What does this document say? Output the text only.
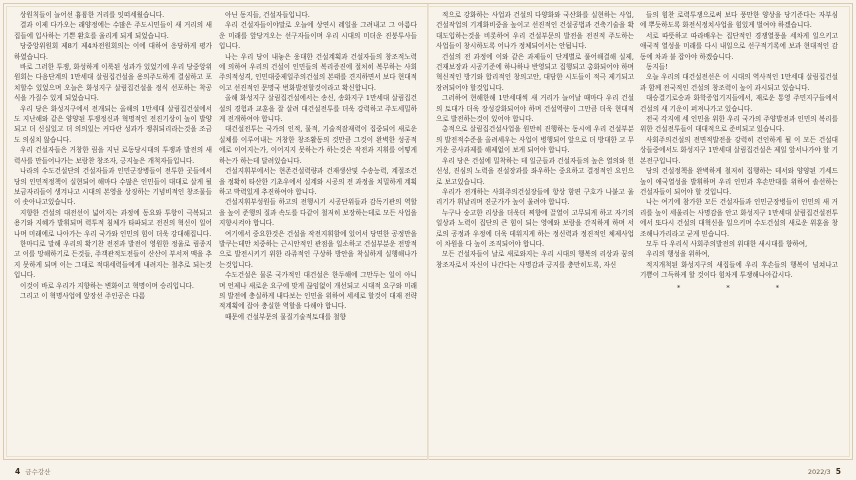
상원칙들이 늘어선 흉륭한 거리를 잇떠세웠습니다.

결과 이제 다가오는 래양정에는 수많은 주도시민들이 새 거리의 새집들에 입사하는 기쁜 환호를 울리게 되게 되었습니다.

당중앙위원회 제8기 제4차전원회의는 이에 대하여 응당하게 평가하였습니다.

바로 그러한 투쟁, 화성하게 이룩된 성과가 있었기에 우리 당중앙위원회는 다음단계의 1만세대 살림집건설을 용의주도하게 결심하고 포치할수 있었으며 오늘은 화성지구 살림집건설을 정식 선포하는 착공식을 가질수 있게 되었습니다.

우리 당은 화성지구에서 전개되는 올해의 1만세대 살림집건설에서도 지난해와 같은 양양된 투쟁정신과 혁명적인 전진기상이 높이 발양되고 더 신실있고 더 의의있는 커다란 성과가 쟁취되리라는것을 조금도 의심치 않습니다.

우리 건설자들은 거창한 림을 지닌 로동당시대의 투쟁과 발전의 새 력사를 만들어나가는 보람찬 창조자, 긍지높은 개척자들입니다.

나라의 수도건설단의 건설자들과 인민군장병들이 전투한 곳들에서 당의 인민적정책이 실현되어 해마다 수많은 인민들이 대대로 살게 될 보금자리들이 생겨나고 시대의 본영을 상징하는 기념비적인 창조물들이 솟아나고있습니다.

지향한 건설의 대전선이 넓어지는 과정에 동요와 투항이 극복되고 용기와 지혜가 발휘되며 력투적 침체가 타파되고 전진의 혁신이 일어나며 미래에로 나아가는 우리 국가와 인민의 힘이 더욱 강대해집니다.

한마디로 말해 우리의 확기찬 전진과 발전이 영원한 정울로 림종지고 이를 망해하기로 든것들, 주객관적도전들이 산산이 부서져 맥을 추지 못하게 되며 이는 그대로 적대세력들에게 내려지는 철추로 되는것입니다.

이것이 바로 우리가 지향하는 변화이고 혁명이며 승리입니다.

그리고 이 혁명사업에 앞장선 주인공은 다름

아닌 동지들, 건설자들입니다.

우리 건설자들이야말로 오늘에 상연시 레일을 그려내고 그 아름다운 미래를 앞당겨오는 선구자들이며 우리 시대의 미더운 진붕투사들입니다.

나는 우리 당이 내놓은 웅대한 건설계획과 건설자들의 창조적노력에 의하여 우리의 건설이 인민들의 복리증진에 절처히 복무하는 사회주의적성격, 인민대중제일주의건설의 본태를 견지하면서 보다 현대적이고 선진적인 문명국 번화발전할것이라고 확신합니다.

올해 화성지구 살림집건설에서는 송신, 송화지구 1만세대 살림집건설의 경험과 교훈을 잘 살려 대건설전투를 더욱 강력하고 주도세밀하게 전개하여야 합니다.

대건설전투는 국가의 인적, 물적, 기술적잠재력이 집중되어 새로운 실체를 이루어내는 거창한 창조활동의 것만큼 그것이 완벽한 성공적에로 이어지는가, 이어지지 못하는가 하는것은 작전과 지휘를 어떻게 하는가 하는데 달려있습니다.

건설지휘부에서는 현존건설력량과 건재생산및 수송능력, 계절조건을 정확히 타산한 기초우에서 설계와 시공의 전 과정을 치밀하게 계획하고 박력있게 추진하여야 합니다.

건설지휘부성원들 하고의 전행시기 시공단위들과 감독기관의 역할을 높이 준행의 질과 속도를 다같이 철저히 보장하는데로 모든 사업을 지향시켜야 합니다.

여기에서 중요한것은 건설을 작전지휘함에 있어서 당면한 공정만을 발쿠는데만 치중하는 근시안적인 관점을 일소하고 건설부분운 전망적으로 발전시키기 위한 라쥬적인 구상하 방안을 착실하게 실행해나가는것입니다.

수도건설은 물론 국가적인 대건설은 한두해에 그만두는 일이 아니며 언제나 새로운 요구에 맞게 끊임없이 개선되고 시대적 요구와 미래의 발전에 충실하게 내다보는 인민을 위하여 세세로 할것이 대재 전략적계획에 잡아 충실한 역할을 다해야 합니다.

때문에 건설부문의 물질기술적토대를 철향

적으로 강화하는 사업과 건설의 다양화와 국산화를 실현하는 사업, 건설작업의 기계화비중을 높이고 선진적인 건설공법과 건축기술을 확대도입하는것을 비롯하여 우리 건설부문의 발전을 전진적 주도하는 사업들이 창시하도록 어나가 정체되어서는 안됩니다.

건설의 전 과정에 이와 같은 과제들이 단계별로 풀어해결해 실제, 건재보장과 시공기준에 하나하나 반영되고 집행되고 총화되어야 하며 혁신적인 방기와 합리적인 창의고안, 대담한 시도들이 적극 제기되고 장려되어야 할것입니다.

그러하여 현해한해 1만세대씩 새 거리가 늘어날 때마다 우리 건설의 토대가 더욱 장성강화되어야 하며 건설역량이 그만큼 더욱 현대적으로 발전하는것이 있어야 합니다.

총적으로 살림집건설사업을 원만히 진행하는 동시에 우리 건설부분의 발전적수준을 올려세우는 사업이 병행되어 앞으로 더 방대한 고 무거운 공사과제를 해제없이 보게 되어야 합니다.

우리 당은 건설에 밀착하는 데 일군들과 건설자들의 높은 열의와 헌신성, 진심의 노력을 진설장과를 좌우하는 중요하고 결정적인 요인으로 보고있습니다.

우리가 전개하는 사회주의건설장들에 항상 함편 구호가 나붙고 울리기가 휘날리며 진군가가 높이 울려야 합니다.

누구나 숭고한 리상을 더욱더 찌향에 끌열이 고무되게 하고 자기의 일상과 노력이 집단의 큰 힘이 되는 영예와 보람을 간직하게 하며 서로의 공정과 우정에 더욱 데워지게 하는 정신력과 정진적인 체제사업이 차원을 다 높이 조직되어야 합니다.

모든 건설자들이 날로 새로와지는 우리 시대의 행복의 리상과 꿈의 창조자로서 자신이 나간다는 사명감과 긍지를 충만히도록, 자신

들의 힘찬 로력투쟁으로써 보다 풍만한 양상을 당기준다는 자부심에 뿌듯하도록 화전식정치사업을 힘있게 벌여야 하겠습니다.

서로 따뜻하고 따라배우는 집단적인 경쟁열풍을 세차게 일으키고 애국적 열성을 미래를 다시 내일으로 선구적기록에 보과 현대적인 감동에 차과 불 잡아야 하겠습니다.

동지들!

오늘 우리의 대건설전선은 이 시대의 역사적인 1만세대 살림집건설과 함께 전국적인 건설의 창조력이 높이 과시되고 있습니다.

대승결기로승과 화학증업기지들에서, 재로운 통영 주민지구들에서 건설의 새 기운이 퍼져나가고 있습니다.

전국 각지에 세 인민을 위한 우리 국가의 주양발전과 인민의 복리를 위한 건설전투들이 대대적으로 준비되고 있습니다.

사회주의건설의 전면적발전을 강력히 건인하게 될 이 모든 건설대상들중에서도 화성지구 1만세대 살림집건설은 제일 앞서나가야 할 기본전구입니다.

당의 건설정책을 완벽하게 철저히 집행하는 데서와 양양된 기세드높이 애국열성을 발휘하며 우리 인민과 후손만대를 위하여 솔선하는 건설자들이 되어야 할 것입니다.

나는 여기에 참가한 모든 건설자들과 인민군장병들이 인민의 새 거리를 높이 세울리는 사명감을 안고 화성지구 1만세대 살림집건설전투에서 또다시 건설의 대혁신을 일으키며 수도건설의 새로운 위훈을 창조해나가리라고 굳게 믿습니다.

모두 다 우리식 사회주의발전의 위대한 새시대를 향하여,

우리의 행성을 위하여,

적지개척된 화성지구의 새집들에 우리 후손들의 행복이 넘쳐나고 기쁨이 그득하게 할 것이다 힘차게 투쟁해나아갑시다.

* * *
4 금수강산	2022/3 5
